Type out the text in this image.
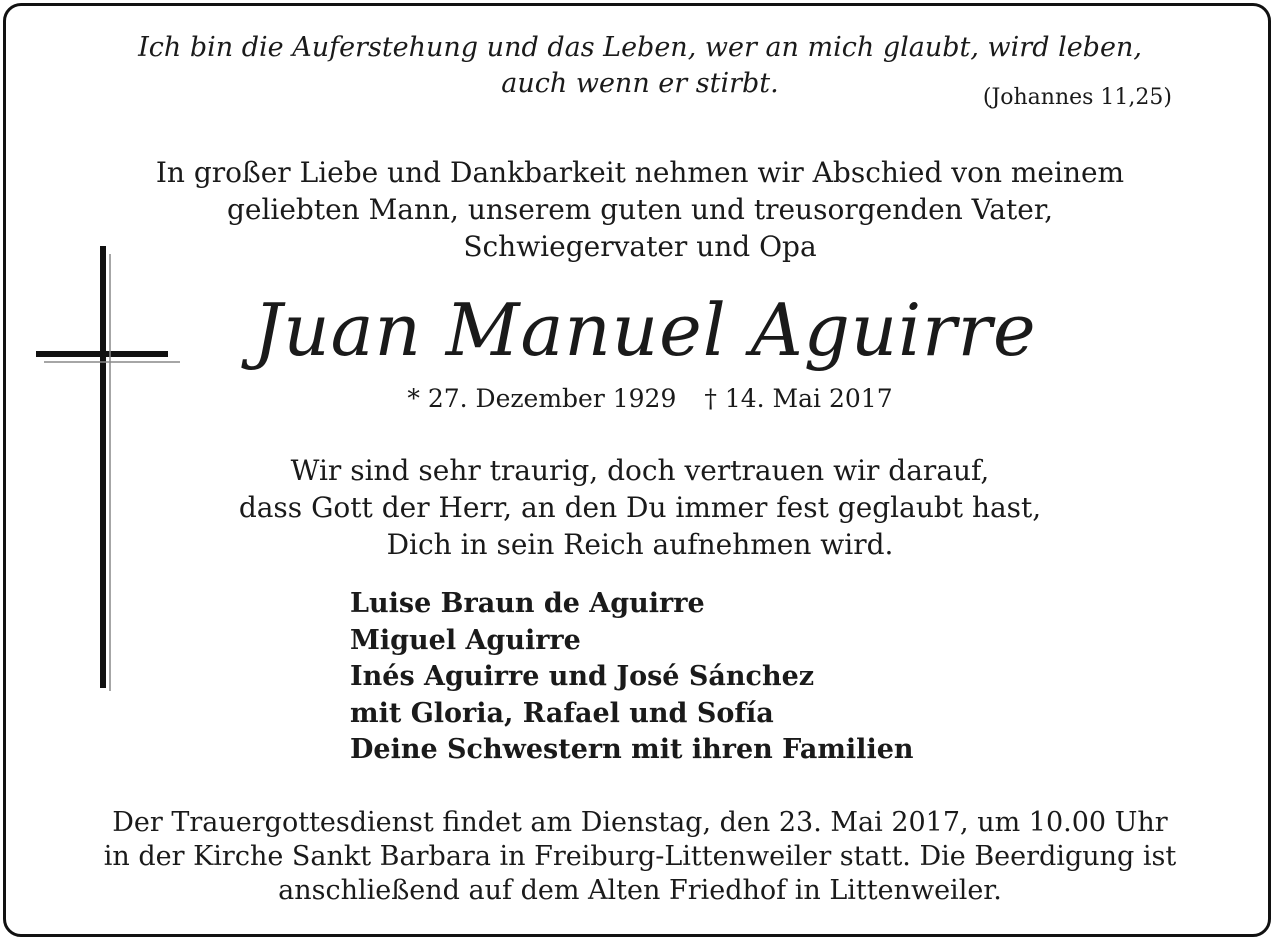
Ich bin die Auferstehung und das Leben, wer an mich glaubt, wird leben,
auch wenn er stirbt.	(Johannes 11,25)
In großer Liebe und Dankbarkeit nehmen wir Abschied von meinem
geliebten Mann, unserem guten und treusorgenden Vater,
Schwiegervater und Opa
Juan Manuel Aguirre
* 27. Dezember 1929 † 14. Mai 2017
Wir sind sehr traurig, doch vertrauen wir darauf,
dass Gott der Herr, an den Du immer fest geglaubt hast,
Dich in sein Reich aufnehmen wird.
Luise Braun de Aguirre
Miguel Aguirre
Inés Aguirre und José Sánchez
mit Gloria, Rafael und Sofía
Deine Schwestern mit ihren Familien
Der Trauergottesdienst findet am Dienstag, den 23. Mai 2017, um 10.00 Uhr
in der Kirche Sankt Barbara in Freiburg-Littenweiler statt. Die Beerdigung ist
anschließend auf dem Alten Friedhof in Littenweiler.
